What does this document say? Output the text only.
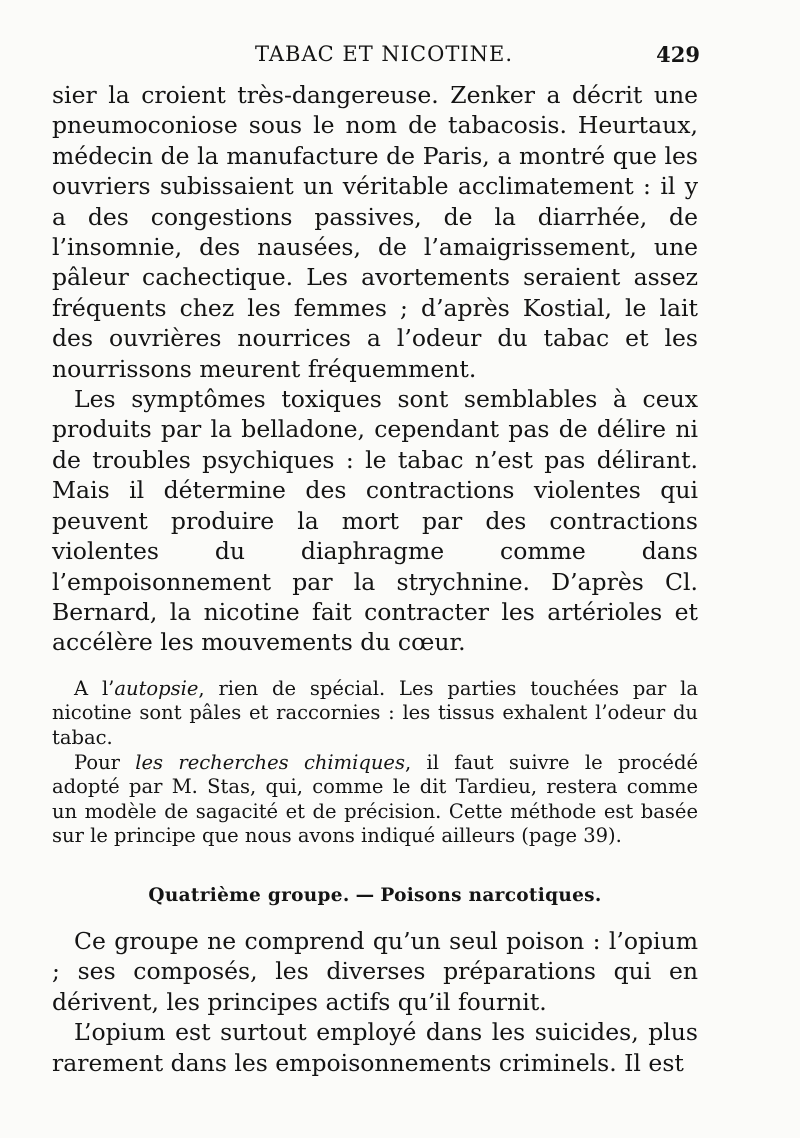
TABAC ET NICOTINE.	429

sier la croient très-dangereuse. Zenker a décrit une pneumoconiose sous le nom de tabacosis. Heurtaux, médecin de la manufacture de Paris, a montré que les ouvriers subissaient un véritable acclimatement : il y a des congestions passives, de la diarrhée, de l’insomnie, des nausées, de l’amaigrissement, une pâleur cachectique. Les avortements seraient assez fréquents chez les femmes ; d’après Kostial, le lait des ouvrières nourrices a l’odeur du tabac et les nourrissons meurent fréquemment.

Les symptômes toxiques sont semblables à ceux produits par la belladone, cependant pas de délire ni de troubles psychiques : le tabac n’est pas délirant. Mais il détermine des contractions violentes qui peuvent produire la mort par des contractions violentes du diaphragme comme dans l’empoisonnement par la strychnine. D’après Cl. Bernard, la nicotine fait contracter les artérioles et accélère les mouvements du cœur.

A l’autopsie, rien de spécial. Les parties touchées par la nicotine sont pâles et raccornies : les tissus exhalent l’odeur du tabac.

Pour les recherches chimiques, il faut suivre le procédé adopté par M. Stas, qui, comme le dit Tardieu, restera comme un modèle de sagacité et de précision. Cette méthode est basée sur le principe que nous avons indiqué ailleurs (page 39).

Quatrième groupe. — Poisons narcotiques.

Ce groupe ne comprend qu’un seul poison : l’opium ; ses composés, les diverses préparations qui en dérivent, les principes actifs qu’il fournit.

L’opium est surtout employé dans les suicides, plus rarement dans les empoisonnements criminels. Il est
